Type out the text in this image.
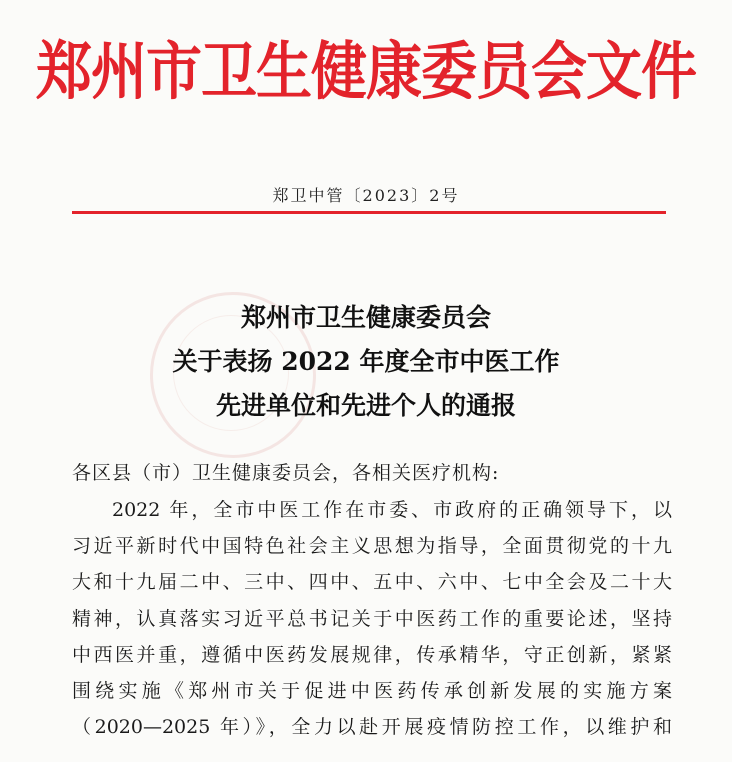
郑州市卫生健康委员会文件
郑卫中管〔2023〕2号
郑州市卫生健康委员会
关于表扬 2022 年度全市中医工作
先进单位和先进个人的通报
各区县（市）卫生健康委员会，各相关医疗机构:
2022 年，全市中医工作在市委、市政府的正确领导下，以
习近平新时代中国特色社会主义思想为指导，全面贯彻党的十九
大和十九届二中、三中、四中、五中、六中、七中全会及二十大
精神，认真落实习近平总书记关于中医药工作的重要论述，坚持
中西医并重，遵循中医药发展规律，传承精华，守正创新，紧紧
围绕实施《郑州市关于促进中医药传承创新发展的实施方案
（2020—2025 年）》，全力以赴开展疫情防控工作，以维护和
